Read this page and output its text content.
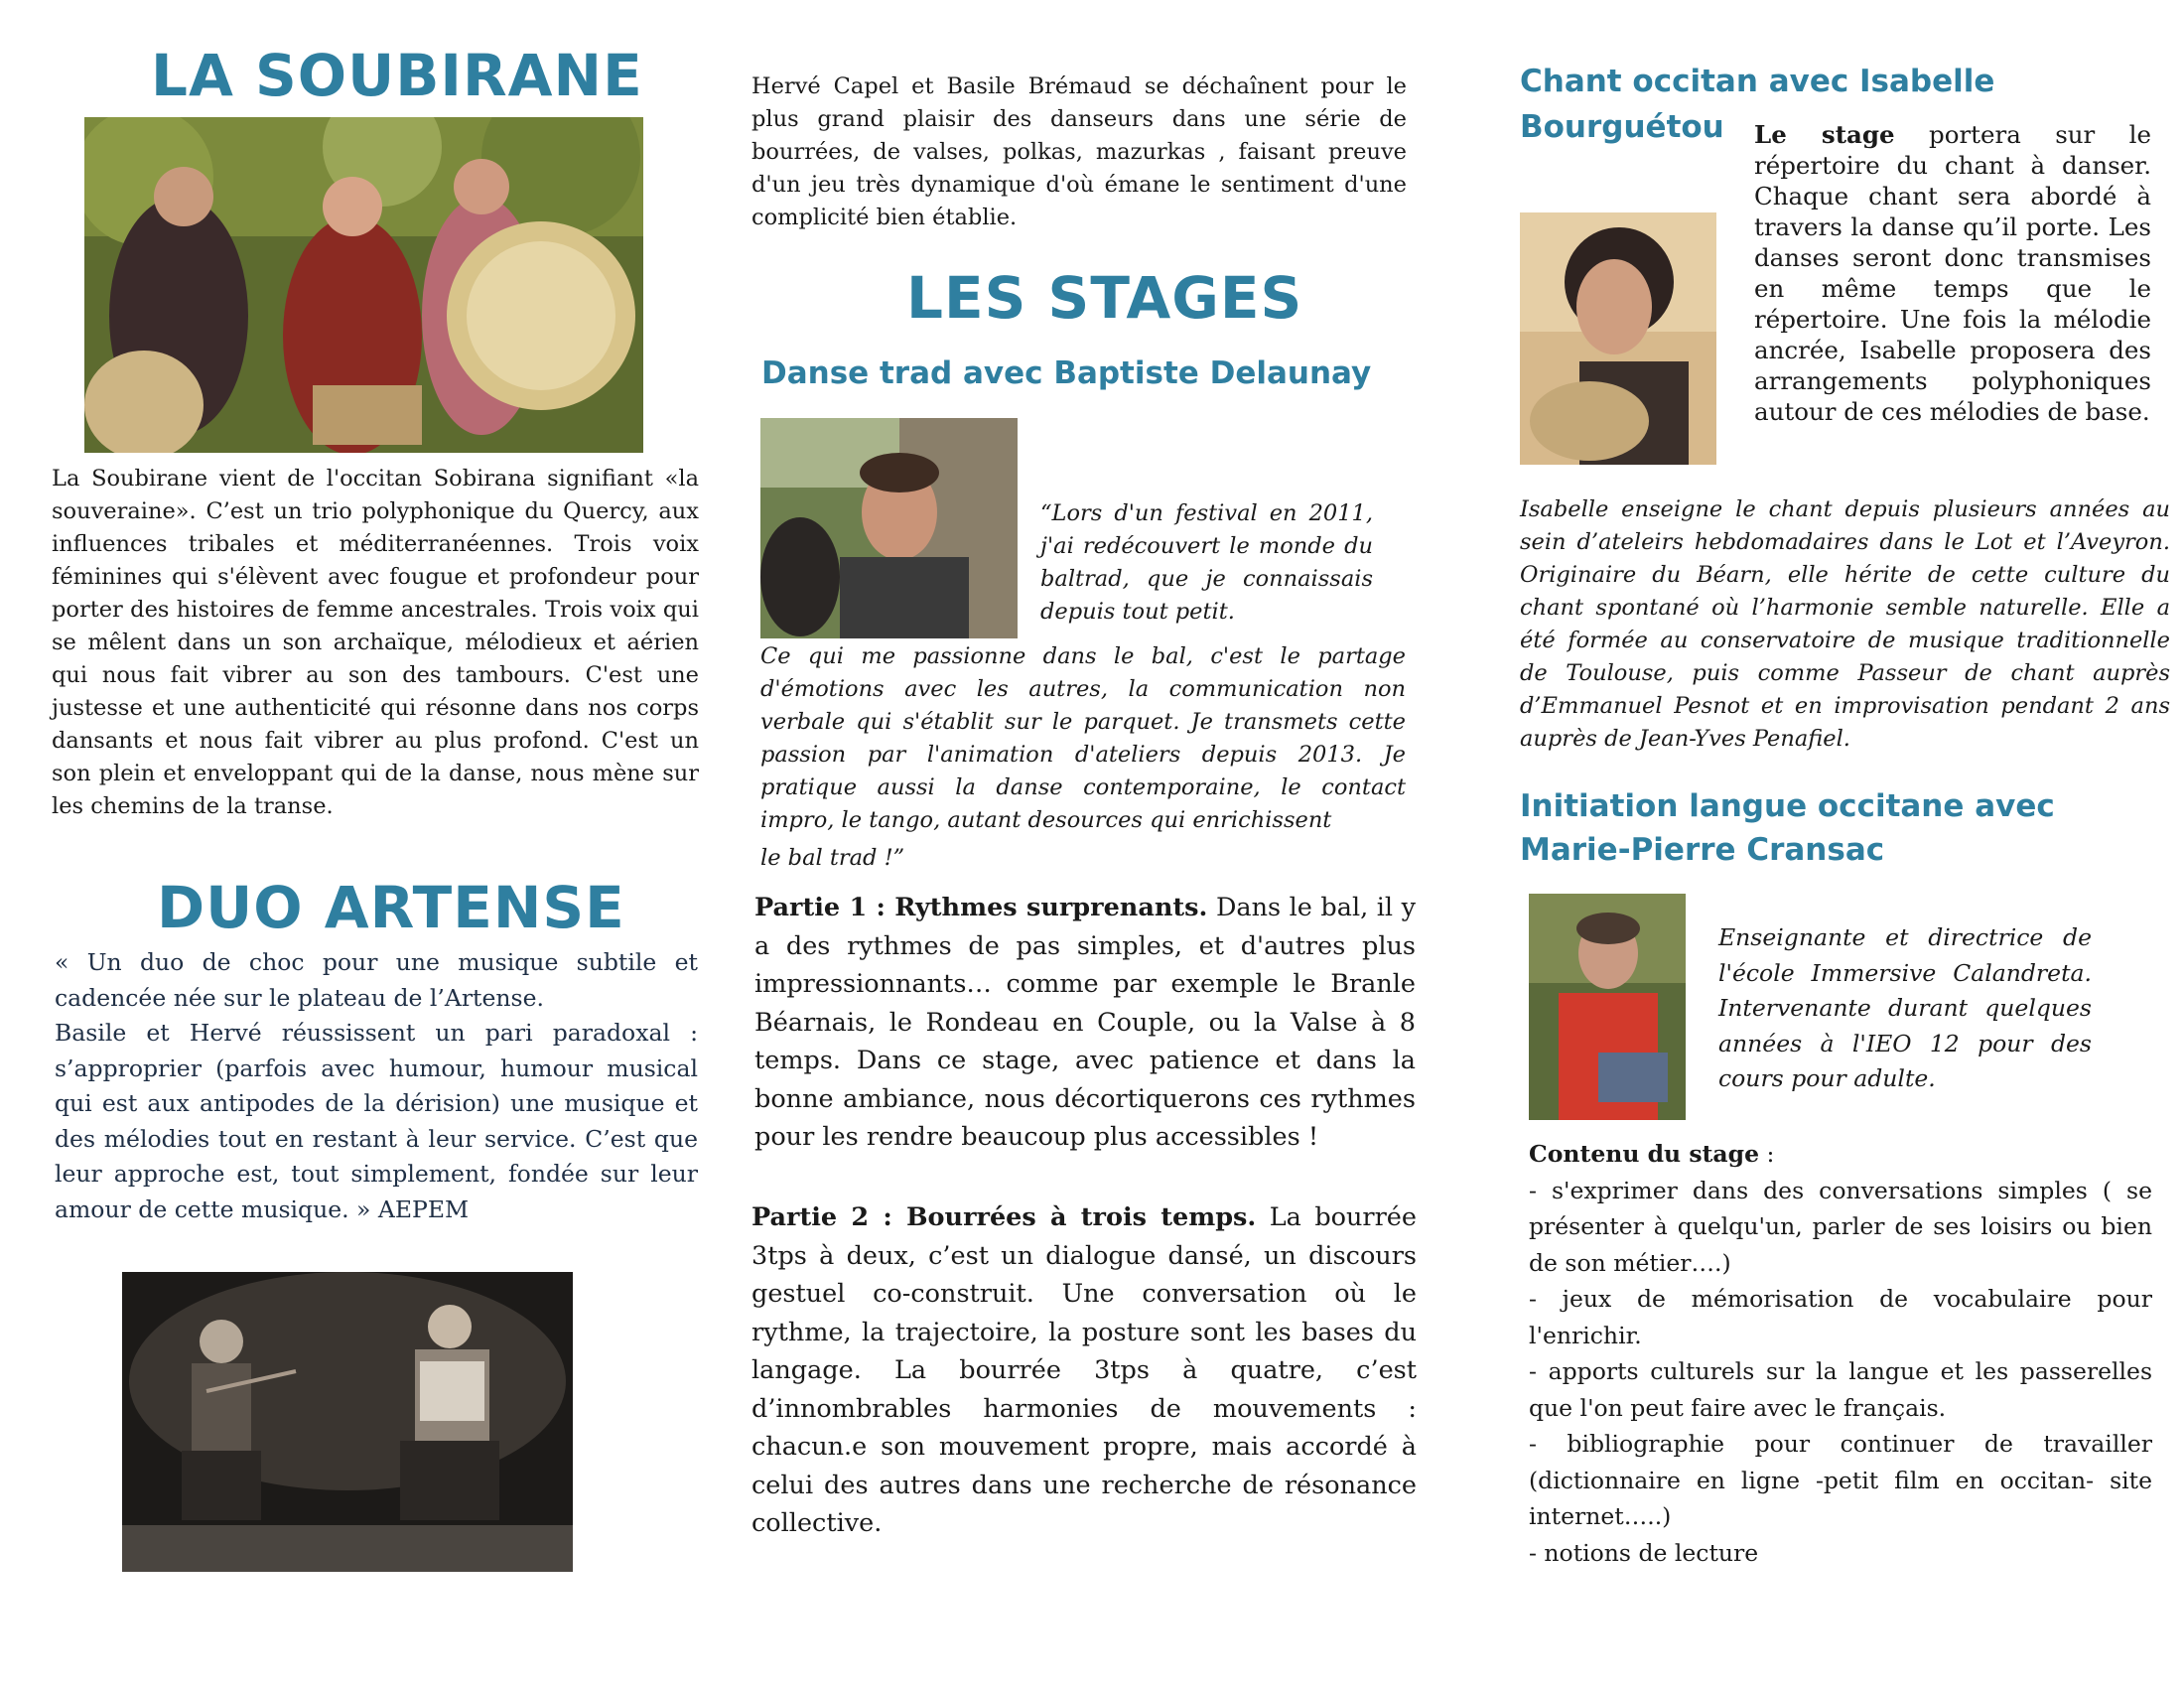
LA SOUBIRANE

La Soubirane vient de l'occitan Sobirana signifiant «la souveraine». C’est un trio polyphonique du Quercy, aux influences tribales et méditerranéennes. Trois voix féminines qui s'élèvent avec fougue et profondeur pour porter des histoires de femme ancestrales. Trois voix qui se mêlent dans un son archaïque, mélodieux et aérien qui nous fait vibrer au son des tambours. C'est une justesse et une authenticité qui résonne dans nos corps dansants et nous fait vibrer au plus profond. C'est un son plein et enveloppant qui de la danse, nous mène sur les chemins de la transe.

DUO ARTENSE

« Un duo de choc pour une musique subtile et cadencée née sur le plateau de l’Artense.

Basile et Hervé réussissent un pari paradoxal : s’approprier (parfois avec humour, humour musical qui est aux antipodes de la dérision) une musique et des mélodies tout en restant à leur service. C’est que leur approche est, tout simplement, fondée sur leur amour de cette musique. » AEPEM

Hervé Capel et Basile Brémaud se déchaînent pour le plus grand plaisir des danseurs dans une série de bourrées, de valses, polkas, mazurkas , faisant preuve d'un jeu très dynamique d'où émane le sentiment d'une complicité bien établie.

LES STAGES
Danse trad avec Baptiste Delaunay

“Lors d'un festival en 2011, j'ai redécouvert le monde du baltrad, que je connaissais depuis tout petit.

Ce qui me passionne dans le bal, c'est le partage d'émotions avec les autres, la communication non verbale qui s'établit sur le parquet. Je transmets cette passion par l'animation d'ateliers depuis 2013. Je pratique aussi la danse contemporaine, le contact impro, le tango, autant desources qui enrichissent

le bal trad !”

Partie 1 : Rythmes surprenants. Dans le bal, il y a des rythmes de pas simples, et d'autres plus impressionnants… comme par exemple le Branle Béarnais, le Rondeau en Couple, ou la Valse à 8 temps. Dans ce stage, avec patience et dans la bonne ambiance, nous décortiquerons ces rythmes pour les rendre beaucoup plus accessibles !

Partie 2 : Bourrées à trois temps. La bourrée 3tps à deux, c’est un dialogue dansé, un discours gestuel co-construit. Une conversation où le rythme, la trajectoire, la posture sont les bases du langage. La bourrée 3tps à quatre, c’est d’innombrables harmonies de mouvements : chacun.e son mouvement propre, mais accordé à celui des autres dans une recherche de résonance collective.

Chant occitan avec Isabelle
Bourguétou Le stage portera sur le répertoire du chant à danser. Chaque chant sera abordé à travers la danse qu’il porte. Les danses seront donc transmises en même temps que le répertoire. Une fois la mélodie ancrée, Isabelle proposera des arrangements polyphoniques autour de ces mélodies de base.

Isabelle enseigne le chant depuis plusieurs années au sein d’ateleirs hebdomadaires dans le Lot et l’Aveyron. Originaire du Béarn, elle hérite de cette culture du chant spontané où l’harmonie semble naturelle. Elle a été formée au conservatoire de musique traditionnelle de Toulouse, puis comme Passeur de chant auprès d’Emmanuel Pesnot et en improvisation pendant 2 ans auprès de Jean-Yves Penafiel.

Initiation langue occitane avec
Marie-Pierre Cransac

Enseignante et directrice de l'école Immersive Calandreta. Intervenante durant quelques années à l'IEO 12 pour des cours pour adulte.

Contenu du stage :
- s'exprimer dans des conversations simples ( se présenter à quelqu'un, parler de ses loisirs ou bien de son métier….)
- jeux de mémorisation de vocabulaire pour l'enrichir.
- apports culturels sur la langue et les passerelles que l'on peut faire avec le français.
- bibliographie pour continuer de travailler (dictionnaire en ligne -petit film en occitan- site internet…..)
- notions de lecture
